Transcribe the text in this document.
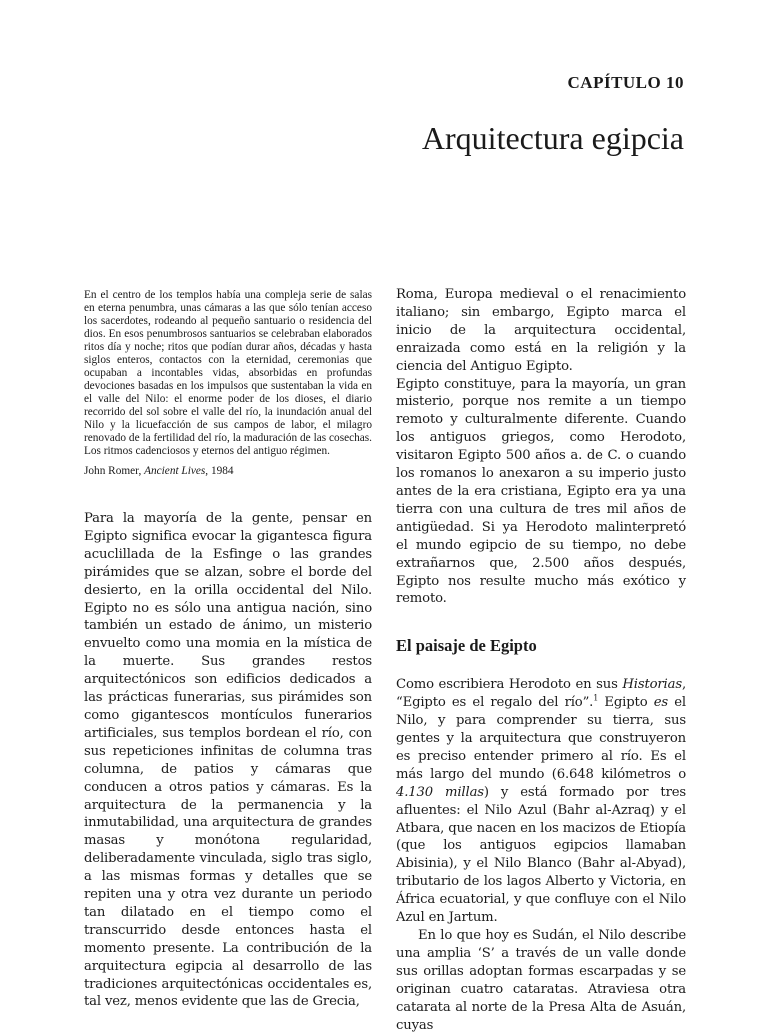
CAPÍTULO 10
Arquitectura egipcia

En el centro de los templos había una compleja serie de salas en eterna penumbra, unas cámaras a las que sólo tenían acceso los sacerdotes, rodeando al pequeño santuario o residencia del dios. En esos penumbrosos santuarios se celebraban elaborados ritos día y noche; ritos que podían durar años, décadas y hasta siglos enteros, contactos con la eternidad, ceremonias que ocupaban a incontables vidas, absorbidas en profundas devociones basadas en los impulsos que sustentaban la vida en el valle del Nilo: el enorme poder de los dioses, el diario recorrido del sol sobre el valle del río, la inundación anual del Nilo y la licuefacción de sus campos de labor, el milagro renovado de la fertilidad del río, la maduración de las cosechas. Los ritmos cadenciosos y eternos del antiguo régimen.

John Romer, Ancient Lives, 1984

Para la mayoría de la gente, pensar en Egipto significa evocar la gigantesca figura acuclillada de la Esfinge o las grandes pirámides que se alzan, sobre el borde del desierto, en la orilla occidental del Nilo. Egipto no es sólo una antigua nación, sino también un estado de ánimo, un misterio envuelto como una momia en la mística de la muerte. Sus grandes restos arquitectónicos son edificios dedicados a las prácticas funerarias, sus pirámides son como gigantescos montículos funerarios artificiales, sus templos bordean el río, con sus repeticiones infinitas de columna tras columna, de patios y cámaras que conducen a otros patios y cámaras. Es la arquitectura de la permanencia y la inmutabilidad, una arquitectura de grandes masas y monótona regularidad, deliberadamente vinculada, siglo tras siglo, a las mismas formas y detalles que se repiten una y otra vez durante un periodo tan dilatado en el tiempo como el transcurrido desde entonces hasta el momento presente. La contribución de la arquitectura egipcia al desarrollo de las tradiciones arquitectónicas occidentales es, tal vez, menos evidente que las de Grecia,

Roma, Europa medieval o el renacimiento italiano; sin embargo, Egipto marca el inicio de la arquitectura occidental, enraizada como está en la religión y la ciencia del Antiguo Egipto.

Egipto constituye, para la mayoría, un gran misterio, porque nos remite a un tiempo remoto y culturalmente diferente. Cuando los antiguos griegos, como Herodoto, visitaron Egipto 500 años a. de C. o cuando los romanos lo anexaron a su imperio justo antes de la era cristiana, Egipto era ya una tierra con una cultura de tres mil años de antigüedad. Si ya Herodoto malinterpretó el mundo egipcio de su tiempo, no debe extrañarnos que, 2.500 años después, Egipto nos resulte mucho más exótico y remoto.

El paisaje de Egipto

Como escribiera Herodoto en sus Historias, “Egipto es el regalo del río”.$^1$ Egipto es el Nilo, y para comprender su tierra, sus gentes y la arquitectura que construyeron es preciso entender primero al río. Es el más largo del mundo (6.648 kilómetros o 4.130 millas) y está formado por tres afluentes: el Nilo Azul (Bahr al-Azraq) y el Atbara, que nacen en los macizos de Etiopía (que los antiguos egipcios llamaban Abisinia), y el Nilo Blanco (Bahr al-Abyad), tributario de los lagos Alberto y Victoria, en África ecuatorial, y que confluye con el Nilo Azul en Jartum.

En lo que hoy es Sudán, el Nilo describe una amplia ‘S’ a través de un valle donde sus orillas adoptan formas escarpadas y se originan cuatro cataratas. Atraviesa otra catarata al norte de la Presa Alta de Asuán, cuyas
